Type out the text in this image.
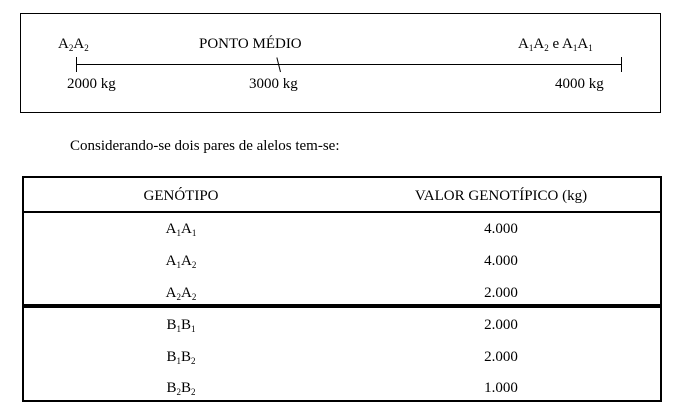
$A_2A_2$
2000 kg
PONTO MÉDIO
3000 kg
$A_1A_2$ e $A_1A_1$
4000 kg
Considerando-se dois pares de alelos tem-se:
GENÓTIPO	VALOR GENOTÍPICO (kg)
$A_1A_1$	4.000
$A_1A_2$	4.000
$A_2A_2$	2.000
$B_1B_1$	2.000
$B_1B_2$	2.000
$B_2B_2$	1.000
